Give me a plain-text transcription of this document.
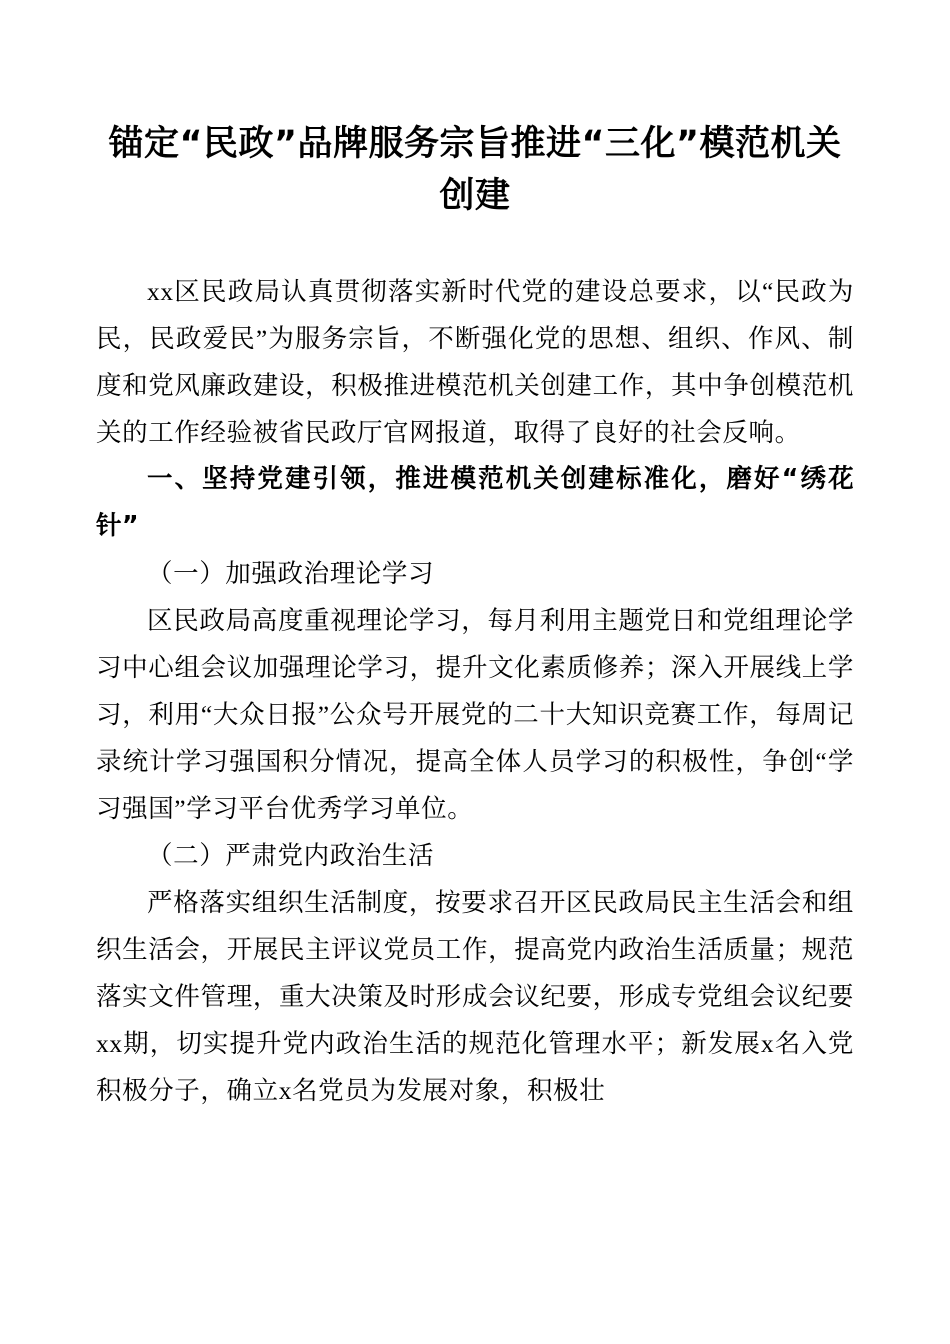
锚定“民政”品牌服务宗旨推进“三化”模范机关创建

xx区民政局认真贯彻落实新时代党的建设总要求，以“民政为民，民政爱民”为服务宗旨，不断强化党的思想、组织、作风、制度和党风廉政建设，积极推进模范机关创建工作，其中争创模范机关的工作经验被省民政厅官网报道，取得了良好的社会反响。

一、坚持党建引领，推进模范机关创建标准化，磨好“绣花针”

（一）加强政治理论学习

区民政局高度重视理论学习，每月利用主题党日和党组理论学习中心组会议加强理论学习，提升文化素质修养；深入开展线上学习，利用“大众日报”公众号开展党的二十大知识竞赛工作，每周记录统计学习强国积分情况，提高全体人员学习的积极性，争创“学习强国”学习平台优秀学习单位。

（二）严肃党内政治生活

严格落实组织生活制度，按要求召开区民政局民主生活会和组织生活会，开展民主评议党员工作，提高党内政治生活质量；规范落实文件管理，重大决策及时形成会议纪要，形成专党组会议纪要xx期，切实提升党内政治生活的规范化管理水平；新发展x名入党积极分子，确立x名党员为发展对象，积极壮
